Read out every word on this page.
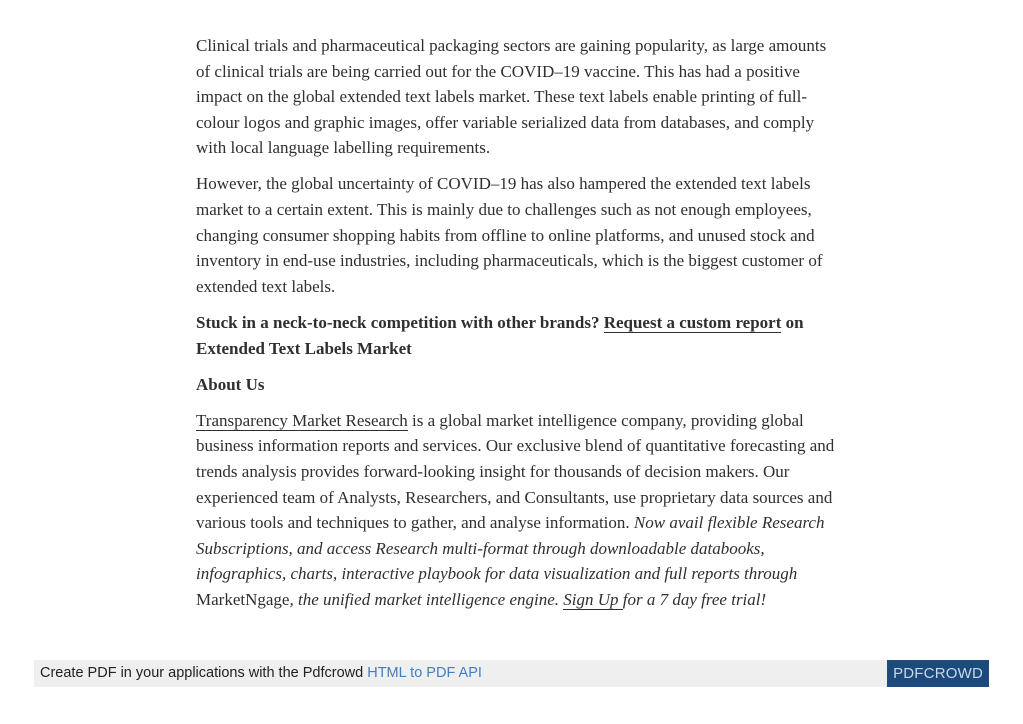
Clinical trials and pharmaceutical packaging sectors are gaining popularity, as large amounts of clinical trials are being carried out for the COVID–19 vaccine. This has had a positive impact on the global extended text labels market. These text labels enable printing of full-colour logos and graphic images, offer variable serialized data from databases, and comply with local language labelling requirements.

However, the global uncertainty of COVID–19 has also hampered the extended text labels market to a certain extent. This is mainly due to challenges such as not enough employees, changing consumer shopping habits from offline to online platforms, and unused stock and inventory in end-use industries, including pharmaceuticals, which is the biggest customer of extended text labels.

Stuck in a neck-to-neck competition with other brands? Request a custom report on Extended Text Labels Market

About Us

Transparency Market Research is a global market intelligence company, providing global business information reports and services. Our exclusive blend of quantitative forecasting and trends analysis provides forward-looking insight for thousands of decision makers. Our experienced team of Analysts, Researchers, and Consultants, use proprietary data sources and various tools and techniques to gather, and analyse information. Now avail flexible Research Subscriptions, and access Research multi-format through downloadable databooks, infographics, charts, interactive playbook for data visualization and full reports through MarketNgage, the unified market intelligence engine. Sign Up for a 7 day free trial!

Create PDF in your applications with the Pdfcrowd HTML to PDF API	PDFCROWD
